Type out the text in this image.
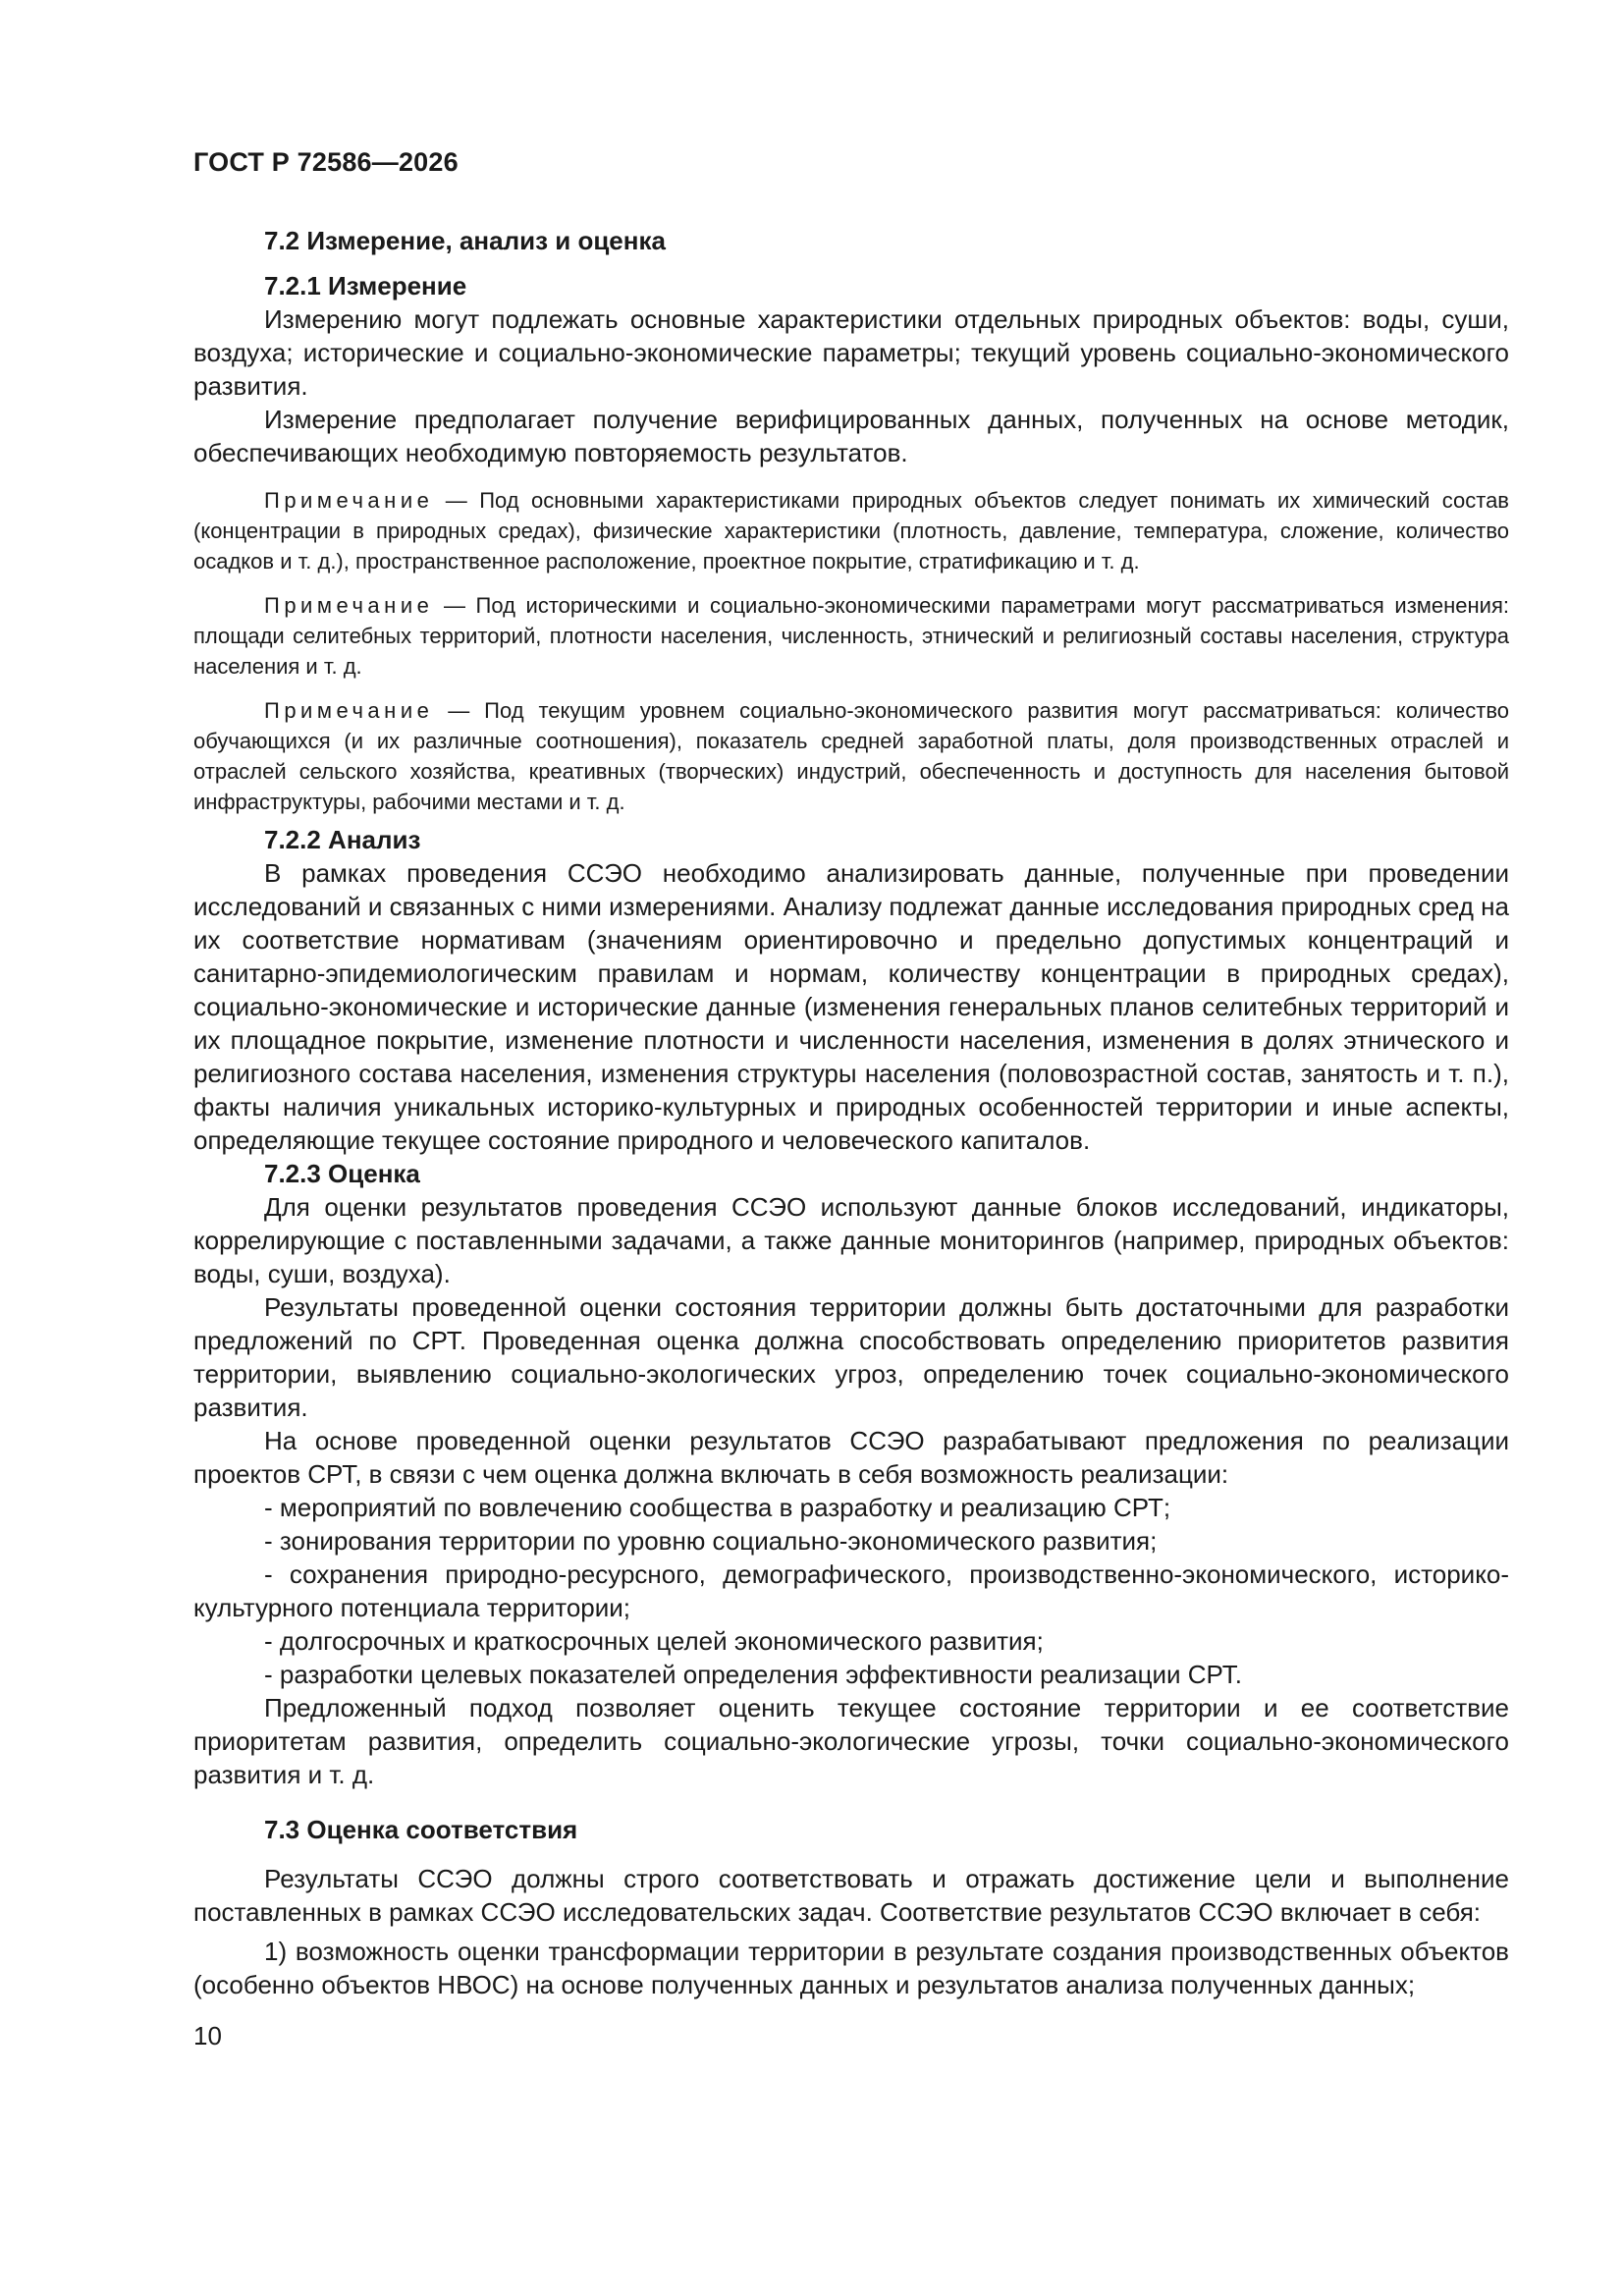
ГОСТ Р 72586—2026

7.2 Измерение, анализ и оценка

7.2.1 Измерение

Измерению могут подлежать основные характеристики отдельных природных объектов: воды, суши, воздуха; исторические и социально-экономические параметры; текущий уровень социально-экономического развития.

Измерение предполагает получение верифицированных данных, полученных на основе методик, обеспечивающих необходимую повторяемость результатов.

Примечание — Под основными характеристиками природных объектов следует понимать их химический состав (концентрации в природных средах), физические характеристики (плотность, давление, температура, сложение, количество осадков и т. д.), пространственное расположение, проектное покрытие, стратификацию и т. д.

Примечание — Под историческими и социально-экономическими параметрами могут рассматриваться изменения: площади селитебных территорий, плотности населения, численность, этнический и религиозный составы населения, структура населения и т. д.

Примечание — Под текущим уровнем социально-экономического развития могут рассматриваться: количество обучающихся (и их различные соотношения), показатель средней заработной платы, доля производственных отраслей и отраслей сельского хозяйства, креативных (творческих) индустрий, обеспеченность и доступность для населения бытовой инфраструктуры, рабочими местами и т. д.

7.2.2 Анализ

В рамках проведения ССЭО необходимо анализировать данные, полученные при проведении исследований и связанных с ними измерениями. Анализу подлежат данные исследования природных сред на их соответствие нормативам (значениям ориентировочно и предельно допустимых концентраций и санитарно-эпидемиологическим правилам и нормам, количеству концентрации в природных средах), социально-экономические и исторические данные (изменения генеральных планов селитебных территорий и их площадное покрытие, изменение плотности и численности населения, изменения в долях этнического и религиозного состава населения, изменения структуры населения (половозрастной состав, занятость и т. п.), факты наличия уникальных историко-культурных и природных особенностей территории и иные аспекты, определяющие текущее состояние природного и человеческого капиталов.

7.2.3 Оценка

Для оценки результатов проведения ССЭО используют данные блоков исследований, индикаторы, коррелирующие с поставленными задачами, а также данные мониторингов (например, природных объектов: воды, суши, воздуха).

Результаты проведенной оценки состояния территории должны быть достаточными для разработки предложений по СРТ. Проведенная оценка должна способствовать определению приоритетов развития территории, выявлению социально-экологических угроз, определению точек социально-экономического развития.

На основе проведенной оценки результатов ССЭО разрабатывают предложения по реализации проектов СРТ, в связи с чем оценка должна включать в себя возможность реализации:

- мероприятий по вовлечению сообщества в разработку и реализацию СРТ;

- зонирования территории по уровню социально-экономического развития;

- сохранения природно-ресурсного, демографического, производственно-экономического, историко-культурного потенциала территории;

- долгосрочных и краткосрочных целей экономического развития;

- разработки целевых показателей определения эффективности реализации СРТ.

Предложенный подход позволяет оценить текущее состояние территории и ее соответствие приоритетам развития, определить социально-экологические угрозы, точки социально-экономического развития и т. д.

7.3 Оценка соответствия

Результаты ССЭО должны строго соответствовать и отражать достижение цели и выполнение поставленных в рамках ССЭО исследовательских задач. Соответствие результатов ССЭО включает в себя:

1) возможность оценки трансформации территории в результате создания производственных объектов (особенно объектов НВОС) на основе полученных данных и результатов анализа полученных данных;

10
